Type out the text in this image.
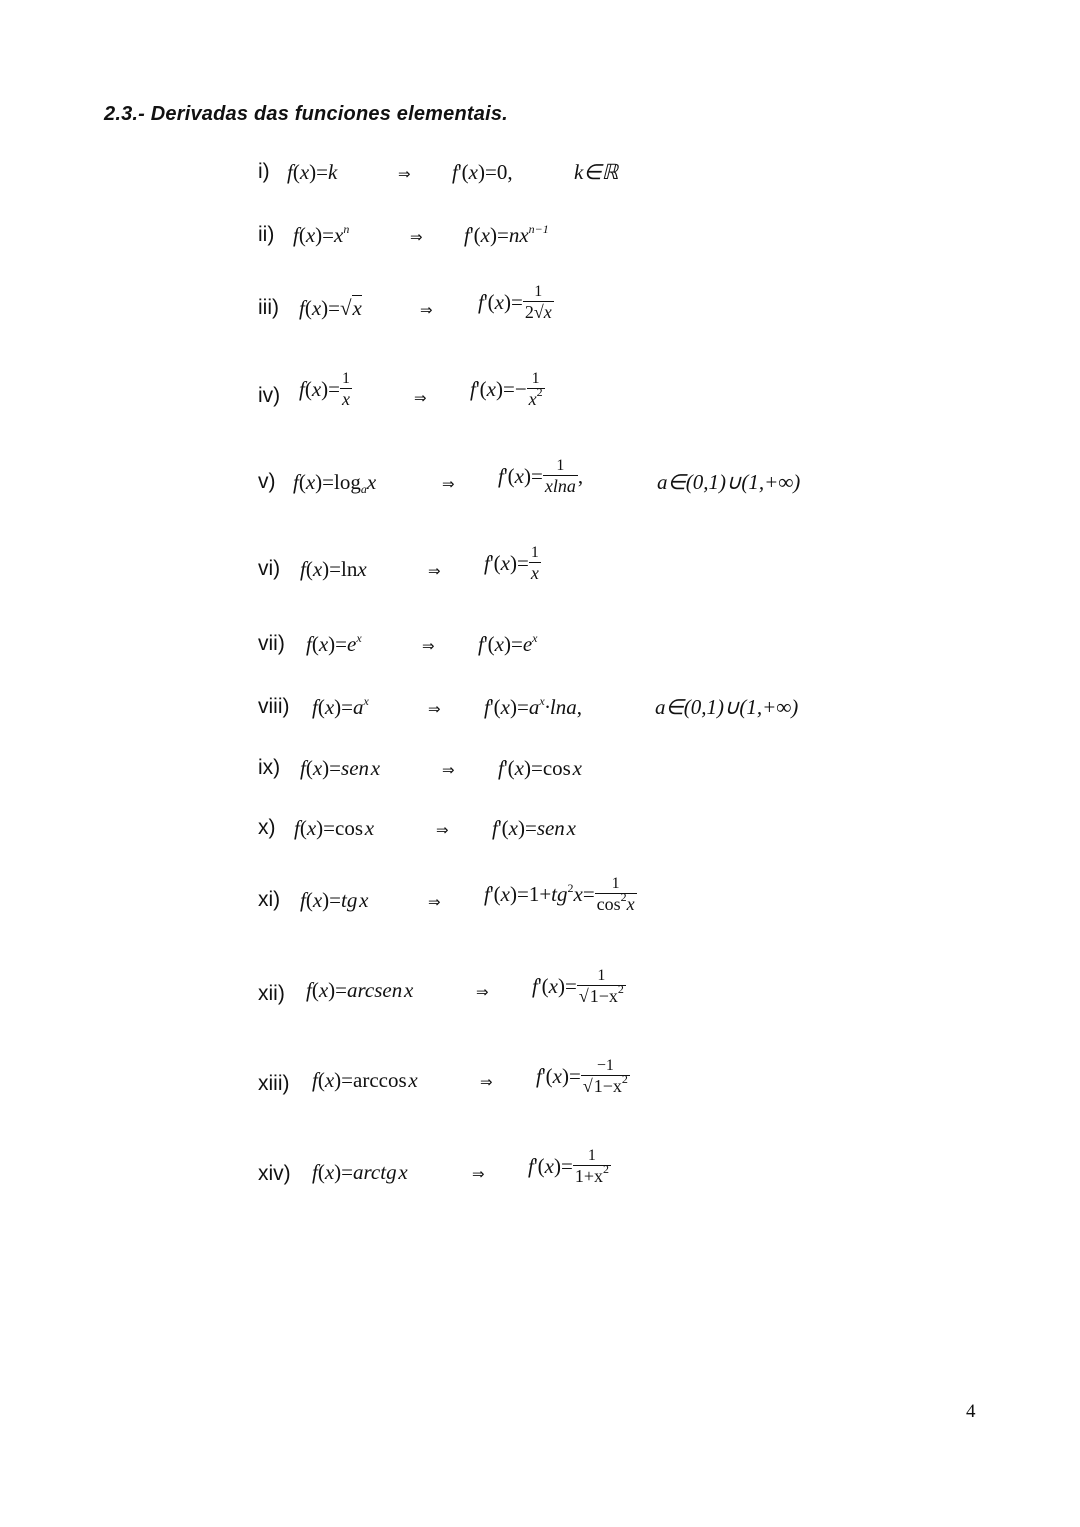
2.3.- Derivadas das funciones elementais.
i) f(x)=k	⇒ f'(x)=0,	k∈ℝ
ii) $f(x)=x^n$	⇒ $f'(x)=nx^{n-1}$
iii) f(x)=√x	⇒ $f'(x)= \frac{1}{2√x}$
iv) $f(x)= \frac{1}{x}$	⇒ $f'(x)=- \frac{1}{x^2}$
v) $f(x)=\log_ax$	⇒ $f'(x)= \frac{1}{xlna}$ ,	a∈(0,1)∪(1,+∞)
vi) f(x)=lnx	⇒ $f'(x)= \frac{1}{x}$
vii) $f(x)=e^x$	⇒ $f'(x)=e^x$
viii) $f(x)=a^x$	⇒ $f'(x)=a^x\cdot\ln a$,	a∈(0,1)∪(1,+∞)
ix) f(x)=sen x	⇒ f'(x)=cos x
x) f(x)=cos x	⇒ f'(x)=sen x
xi) f(x)=tg x	⇒ $f'(x)=1+tg^2x= \frac{1}{\cos^2x}$
xii) f(x)=arcsen x	⇒ $f'(x)= \frac{1}{√1-x^2}$
xiii) f(x)=arccos x	⇒ $f'(x)= \frac{-1}{√1-x^2}$
xiv) f(x)=arctg x	⇒ $f'(x)= \frac{1}{1+x^2}$
4
